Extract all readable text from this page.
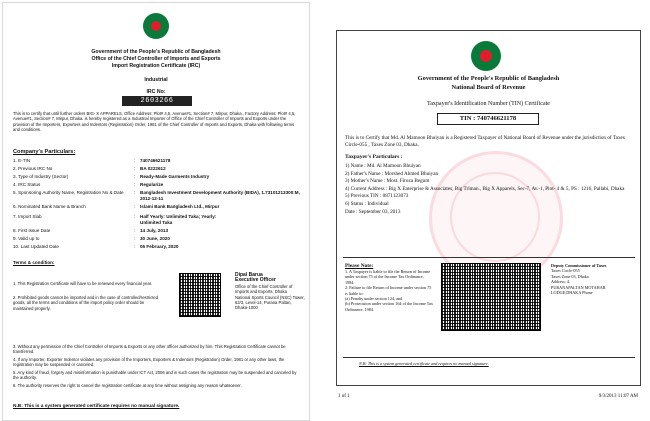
Government of the People's Republic of Bangladesh
Office of the Chief Controller of Imports and Exports
Import Registration Certificate (IRC)
Industrial
IRC No:
2603266
This is to certify that until further orders BIG- X APPARELS, Office Address: Plot# 4,5, Avenue#1, Section# 7, Mirpur, Dhaka., Factory Address: Plot# 4,5, Avenue#1, Section# 7, Mirpur, Dhaka. is hereby registered as a Industrial Importer of Office of the Chief Controller of Imports and Exports under the provision of the Importers, Exporters and Indentors (Registration) Order, 1981 of the Chief Controller of Imports and Exports, Dhaka with following terms and conditions.
Company's Particulars:
1. E-TIN	: 740746621178
2. Previous IRC No	: BA 0222612
3. Type of Industry (Sector)	: Ready-Made Garments Industry
4. IRC Status	: Regularize
5. Sponsoring Authority Name, Registration No & Date	: Bangladesh Investment Development Authority (BIDA), 1.73101213300:M, 2012-12-11
6. Nominated Bank Name & Branch	: Islami Bank Bangladesh Ltd., Mirpur
7. Import Slab	: Half Yearly: Unlimited Taka; Yearly: Unlimited Taka
8. First Issue Date	: 14 July, 2013
9. Valid up to	: 30 June, 2020
10. Last Updated Date	: 05 February, 2020
Terms & condition:
1. This Registration Certificate will have to be renewed every financial year.
2. Prohibited goods cannot be imported and in the case of controlled/restricted goods, all the terms and conditions of the import policy order should be maintained properly.
Dipal Barua
Executive Officer
Office of the Chief Controller of Imports and Exports, Dhaka
National Sports Council (NSC) Tower, 62/3, Level-14, Purana Paltan, Dhaka-1000
3. Without any permission of the Chief Controller of Imports & Exports or any other officer authorized by him, This Registration Certificate cannot be transferred.
4. If any Importer, Exporter Indentor violates any provision of the Importers, Exporters & Indentors (Registration) Order, 1981 or any other laws, the registration may be suspended or canceled.
5. Any kind of fraud, forgery and misinformation is punishable under ICT Act, 2006 and in such cases the registration may be suspended and canceled by the authority.
6. The authority reserves the right to cancel the registration certificate at any time without assigning any reason whatsoever.
N.B: This is a system generated certificate requires no manual signature.
Government of the People's Republic of Bangladesh
National Board of Revenue
Taxpayer's Identification Number (TIN) Certificate
TIN : 740746621178
This is to Certify that Md. Al Mamoon Bhuiyan is a Registered Taxpayer of National Board of Revenue under the jurisdiction of Taxes Circle-055 , Taxes Zone 03, Dhaka.
Taxpayer's Particulars :
1) Name : Md. Al Mamoon Bhuiyan
2) Father's Name : Morshed Ahmed Bhuiyan
3) Mother's Name : Most. Firoza Begum
4) Current Address : Big X Enterprise & Associates, Big Triman., Big X Apparels, Sec-7, Av.-1, Plot- 4 & 5, PS : 1216, Pallabi, Dhaka
5) Previous TIN : 0871123073
6) Status : Individual
Date : September 03, 2013
Please Note:
1. A Taxpayer is liable to file the Return of Income under section 75 of the Income Tax Ordinance, 1984.
2. Failure to file Return of Income under section 75 is liable to:
(a) Penalty under section 124, and
(b) Prosecution under section 164 of the Income Tax Ordinance, 1984.
Deputy Commissioner of Taxes
Taxes Circle-055
Taxes Zone 03, Dhaka
Address: 4,
PURANAPALTAN MOTAHAR
LODGE,DHAKA Phone
N.B: This is a system generated certificate and requires no manual signature.
1 of 1	9/3/2013 11:07 AM
